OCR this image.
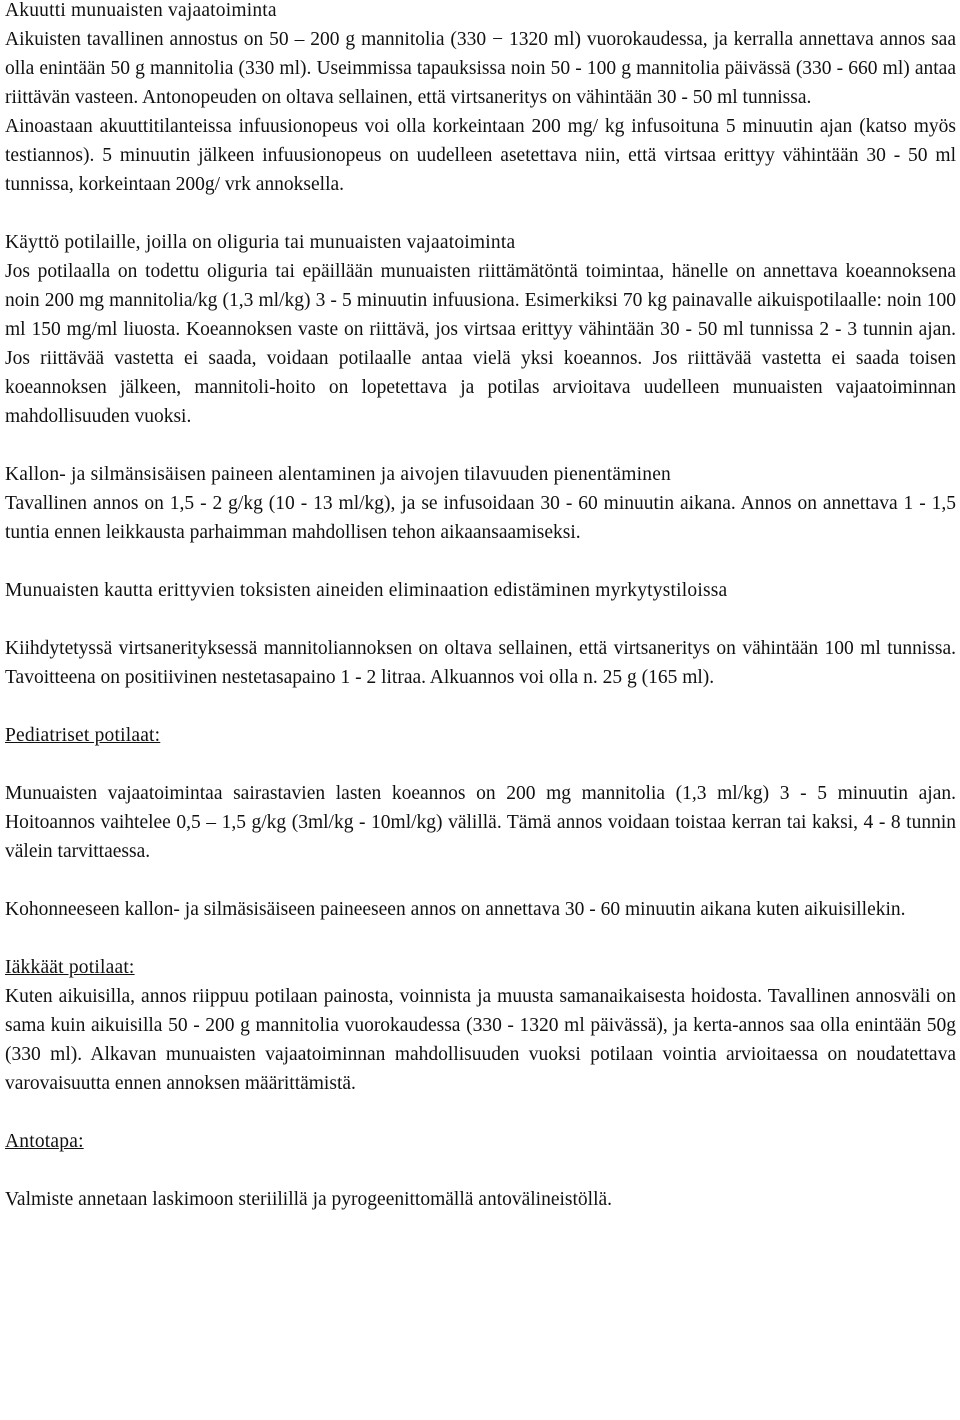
Akuutti munuaisten vajaatoiminta

Aikuisten tavallinen annostus on 50 – 200 g mannitolia (330 − 1320 ml) vuorokaudessa, ja kerralla annettava annos saa olla enintään 50 g mannitolia (330 ml). Useimmissa tapauksissa noin 50 - 100 g mannitolia päivässä (330 - 660 ml) antaa riittävän vasteen. Antonopeuden on oltava sellainen, että virtsaneritys on vähintään 30 - 50 ml tunnissa.

Ainoastaan akuuttitilanteissa infuusionopeus voi olla korkeintaan 200 mg/ kg infusoituna 5 minuutin ajan (katso myös testiannos). 5 minuutin jälkeen infuusionopeus on uudelleen asetettava niin, että virtsaa erittyy vähintään 30 - 50 ml tunnissa, korkeintaan 200g/ vrk annoksella.

Käyttö potilaille, joilla on oliguria tai munuaisten vajaatoiminta

Jos potilaalla on todettu oliguria tai epäillään munuaisten riittämätöntä toimintaa, hänelle on annettava koeannoksena noin 200 mg mannitolia/kg (1,3 ml/kg) 3 - 5 minuutin infuusiona. Esimerkiksi 70 kg painavalle aikuispotilaalle: noin 100 ml 150 mg/ml liuosta. Koeannoksen vaste on riittävä, jos virtsaa erittyy vähintään 30 - 50 ml tunnissa 2 - 3 tunnin ajan. Jos riittävää vastetta ei saada, voidaan potilaalle antaa vielä yksi koeannos. Jos riittävää vastetta ei saada toisen koeannoksen jälkeen, mannitoli-hoito on lopetettava ja potilas arvioitava uudelleen munuaisten vajaatoiminnan mahdollisuuden vuoksi.

Kallon- ja silmänsisäisen paineen alentaminen ja aivojen tilavuuden pienentäminen

Tavallinen annos on 1,5 - 2 g/kg (10 - 13 ml/kg), ja se infusoidaan 30 - 60 minuutin aikana. Annos on annettava 1 - 1,5 tuntia ennen leikkausta parhaimman mahdollisen tehon aikaansaamiseksi.

Munuaisten kautta erittyvien toksisten aineiden eliminaation edistäminen myrkytystiloissa

Kiihdytetyssä virtsanerityksessä mannitoliannoksen on oltava sellainen, että virtsaneritys on vähintään 100 ml tunnissa. Tavoitteena on positiivinen nestetasapaino 1 - 2 litraa. Alkuannos voi olla n. 25 g (165 ml).

Pediatriset potilaat:

Munuaisten vajaatoimintaa sairastavien lasten koeannos on 200 mg mannitolia (1,3 ml/kg) 3 - 5 minuutin ajan. Hoitoannos vaihtelee 0,5 – 1,5 g/kg (3ml/kg - 10ml/kg) välillä. Tämä annos voidaan toistaa kerran tai kaksi, 4 - 8 tunnin välein tarvittaessa.

Kohonneeseen kallon- ja silmäsisäiseen paineeseen annos on annettava 30 - 60 minuutin aikana kuten aikuisillekin.

Iäkkäät potilaat:

Kuten aikuisilla, annos riippuu potilaan painosta, voinnista ja muusta samanaikaisesta hoidosta. Tavallinen annosväli on sama kuin aikuisilla 50 - 200 g mannitolia vuorokaudessa (330 - 1320 ml päivässä), ja kerta-annos saa olla enintään 50g (330 ml). Alkavan munuaisten vajaatoiminnan mahdollisuuden vuoksi potilaan vointia arvioitaessa on noudatettava varovaisuutta ennen annoksen määrittämistä.

Antotapa:

Valmiste annetaan laskimoon steriilillä ja pyrogeenittomällä antovälineistöllä.
